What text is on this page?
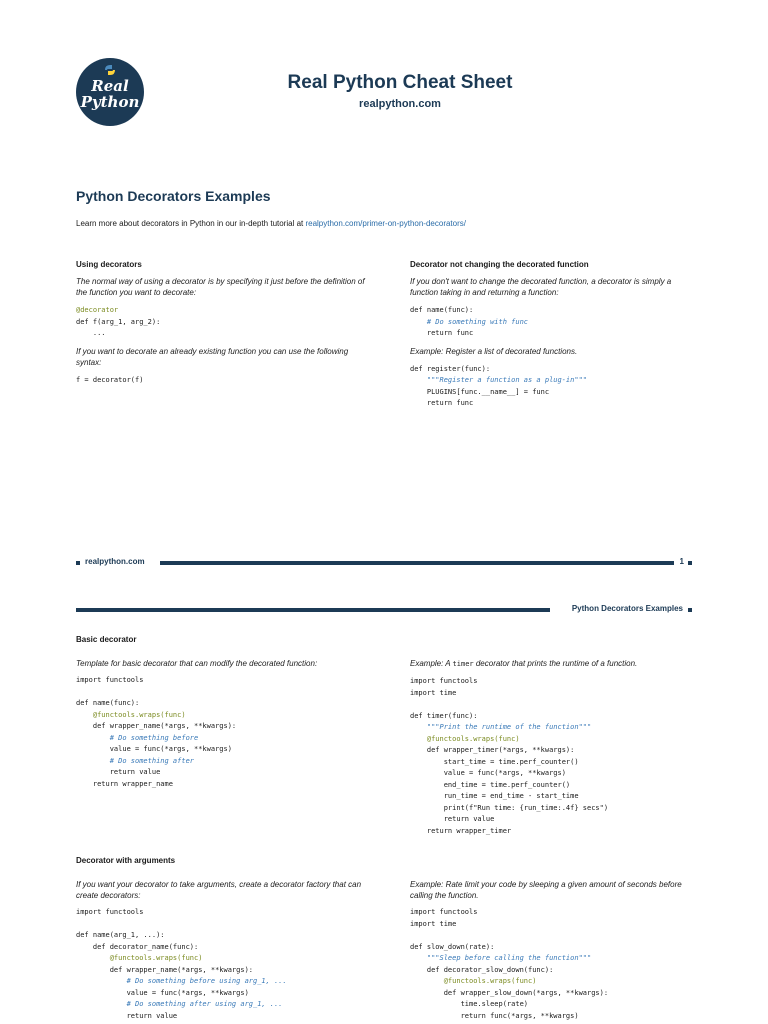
Real
Python
Real Python Cheat Sheet
realpython.com
Python Decorators Examples
Learn more about decorators in Python in our in-depth tutorial at realpython.com/primer-on-python-decorators/
Using decorators
The normal way of using a decorator is by specifying it just before the definition of the function you want to decorate:
@decorator
def f(arg_1, arg_2):
...
If you want to decorate an already existing function you can use the following syntax:
f = decorator(f)
Decorator not changing the decorated function
If you don't want to change the decorated function, a decorator is simply a function taking in and returning a function:
def name(func):
# Do something with func
return func
Example: Register a list of decorated functions.
def register(func):
"""Register a function as a plug-in"""
PLUGINS[func.__name__] = func
return func
realpython.com	1
Python Decorators Examples
Basic decorator
Template for basic decorator that can modify the decorated function:
import functools

def name(func):
@functools.wraps(func)
def wrapper_name(*args, **kwargs):
# Do something before
value = func(*args, **kwargs)
# Do something after
return value
return wrapper_name
Example: A timer decorator that prints the runtime of a function.
import functools
import time

def timer(func):
"""Print the runtime of the function"""
@functools.wraps(func)
def wrapper_timer(*args, **kwargs):
start_time = time.perf_counter()
value = func(*args, **kwargs)
end_time = time.perf_counter()
run_time = end_time - start_time
print(f"Run time: {run_time:.4f} secs")
return value
return wrapper_timer
Decorator with arguments
If you want your decorator to take arguments, create a decorator factory that can create decorators:
import functools

def name(arg_1, ...):
def decorator_name(func):
@functools.wraps(func)
def wrapper_name(*args, **kwargs):
# Do something before using arg_1, ...
value = func(*args, **kwargs)
# Do something after using arg_1, ...
return value
Example: Rate limit your code by sleeping a given amount of seconds before calling the function.
import functools
import time

def slow_down(rate):
"""Sleep before calling the function"""
def decorator_slow_down(func):
@functools.wraps(func)
def wrapper_slow_down(*args, **kwargs):
time.sleep(rate)
return func(*args, **kwargs)
